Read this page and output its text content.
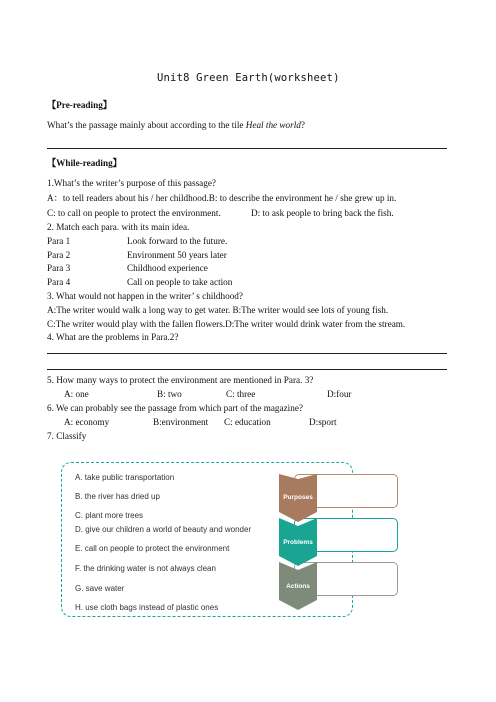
Unit8 Green Earth(worksheet)
【Pre-reading】
What’s the passage mainly about according to the tile Heal the world?
【While-reading】
1.What’s the writer’s purpose of this passage?
A：to tell readers about his / her childhood.B: to describe the environment he / she grew up in.
C: to call on people to protect the environment.	D: to ask people to bring back the fish.
2. Match each para. with its main idea.
Para 1	Look forward to the future.
Para 2	Environment 50 years later
Para 3	Childhood experience
Para 4	Call on people to take action
3. What would not happen in the writer’ s childhood?
A:The writer would walk a long way to get water. B:The writer would see lots of young fish.
C:The writer would play with the fallen flowers.D:The writer would drink water from the stream.
4. What are the problems in Para.2?
5. How many ways to protect the environment are mentioned in Para. 3?
A: one	B: two	C: three	D:four
6. We can probably see the passage from which part of the magazine?
A: economy	B:environment C: education	D:sport
7. Classify
A. take public transportation
B. the river has dried up
C. plant more trees
D. give our children a world of beauty and wonder
E. call on people to protect the environment
F. the drinking water is not always clean
G. save water
H. use cloth bags instead of plastic ones
Purposes
Problems
Actions
